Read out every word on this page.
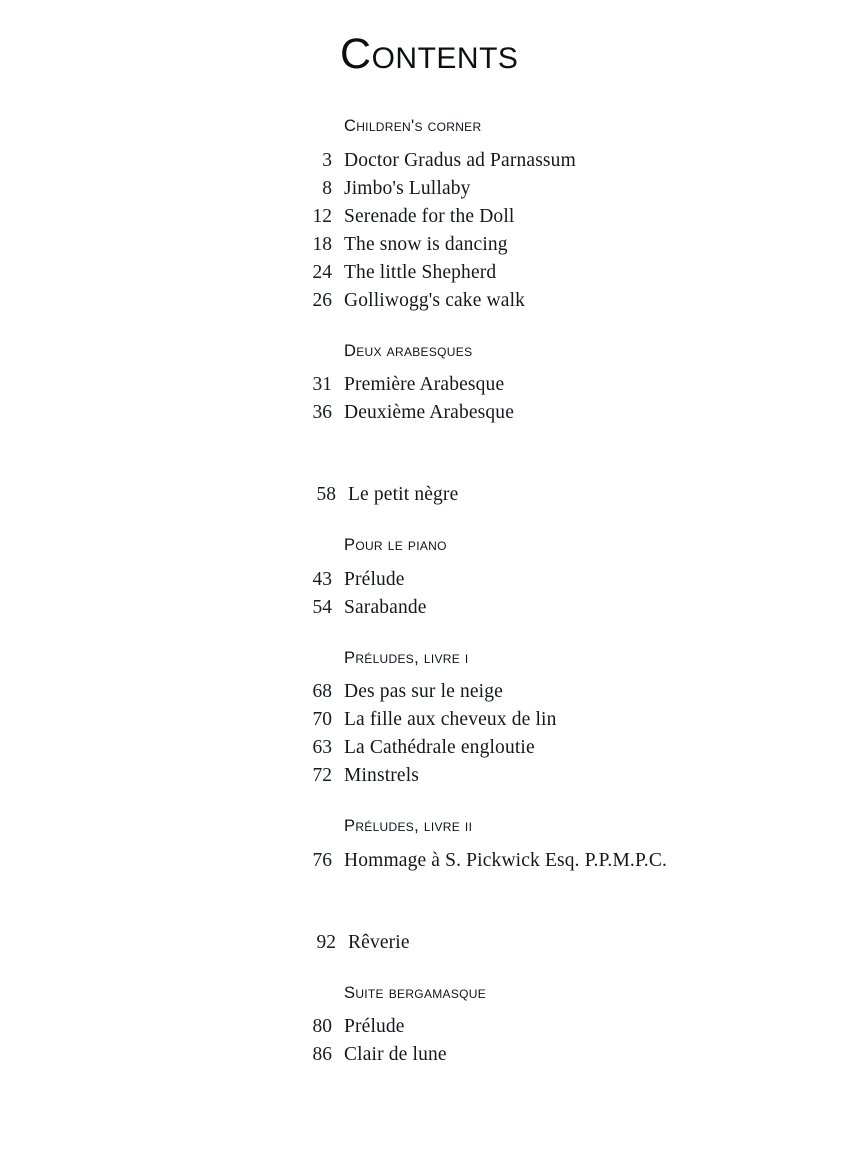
Contents
Children's corner
3 Doctor Gradus ad Parnassum
8 Jimbo's Lullaby
12 Serenade for the Doll
18 The snow is dancing
24 The little Shepherd
26 Golliwogg's cake walk
Deux arabesques
31 Première Arabesque
36 Deuxième Arabesque
58 Le petit nègre
Pour le piano
43 Prélude
54 Sarabande
Préludes, livre i
68 Des pas sur le neige
70 La fille aux cheveux de lin
63 La Cathédrale engloutie
72 Minstrels
Préludes, livre ii
76 Hommage à S. Pickwick Esq. P.P.M.P.C.
92 Rêverie
Suite bergamasque
80 Prélude
86 Clair de lune
